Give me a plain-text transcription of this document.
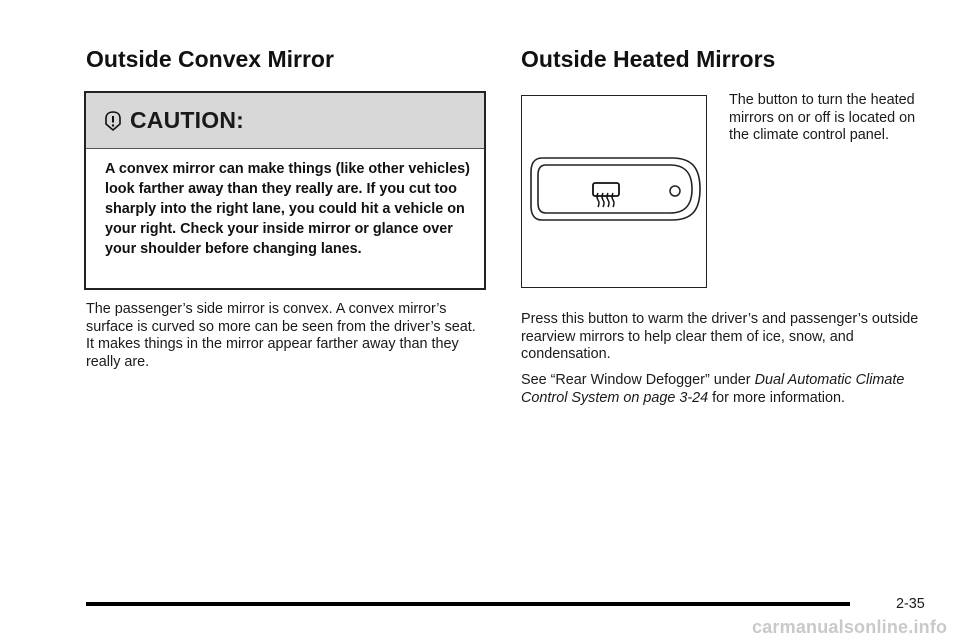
Outside Convex Mirror
CAUTION:
A convex mirror can make things (like other vehicles) look farther away than they really are. If you cut too sharply into the right lane, you could hit a vehicle on your right. Check your inside mirror or glance over your shoulder before changing lanes.

The passenger’s side mirror is convex. A convex mirror’s surface is curved so more can be seen from the driver’s seat. It makes things in the mirror appear farther away than they really are.

Outside Heated Mirrors

The button to turn the heated mirrors on or off is located on the climate control panel.

Press this button to warm the driver’s and passenger’s outside rearview mirrors to help clear them of ice, snow, and condensation.

See “Rear Window Defogger” under Dual Automatic Climate Control System on page 3-24 for more information.

2-35
carmanualsonline.info
